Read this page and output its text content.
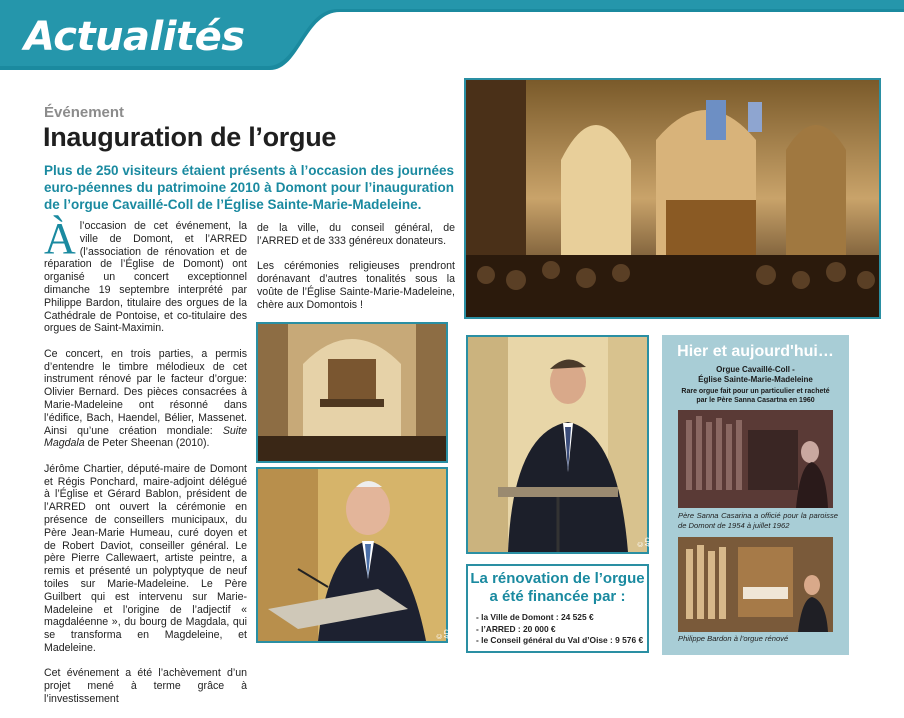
Actualités
Événement
Inauguration de l’orgue
Plus de 250 visiteurs étaient présents à l’occasion des journées euro-péennes du patrimoine 2010 à Domont pour l’inauguration de l’orgue Cavaillé-Coll de l’Église Sainte-Marie-Madeleine.

Àl’occasion de cet événement, la ville de Domont, et l’ARRED (l’association de rénovation et de réparation de l’Église de Domont) ont organisé un concert exceptionnel dimanche 19 septembre interprété par Philippe Bardon, titulaire des orgues de la Cathédrale de Pontoise, et co-titulaire des orgues de Saint-Maximin.

Ce concert, en trois parties, a permis d’entendre le timbre mélodieux de cet instrument rénové par le facteur d’orgue: Olivier Bernard. Des pièces consacrées à Marie-Madeleine ont résonné dans l’édifice, Bach, Haendel, Bélier, Massenet. Ainsi qu’une création mondiale: Suite Magdala de Peter Sheenan (2010).

Jérôme Chartier, député-maire de Domont et Régis Ponchard, maire-adjoint délégué à l’Église et Gérard Bablon, président de l’ARRED ont ouvert la cérémonie en présence de conseillers municipaux, du Père Jean-Marie Humeau, curé doyen et de Robert Daviot, conseiller général. Le père Pierre Callewaert, artiste peintre, a remis et présenté un polyptyque de neuf toiles sur Marie-Madeleine. Le Père Guilbert qui est intervenu sur Marie-Madeleine et l’origine de l’adjectif « magdaléenne », du bourg de Magdala, qui se transforma en Magdeleine, et Madeleine.

Cet événement a été l’achèvement d’un projet mené à terme grâce à l’investissement

de la ville, du conseil général, de l’ARRED et de 333 généreux donateurs.

Les cérémonies religieuses prendront dorénavant d’autres tonalités sous la voûte de l’Église Sainte-Marie-Madeleine, chère aux Domontois !

© AD
© AD
La rénovation de l’orgue
a été financée par :
- la Ville de Domont : 24 525 €
- l’ARRED : 20 000 €
- le Conseil général du Val d’Oise : 9 576 €
Hier et aujourd'hui…
Orgue Cavaillé-Coll -
Église Sainte-Marie-Madeleine
Rare orgue fait pour un particulier et racheté
par le Père Sanna Casartna en 1960
Père Sanna Casarina a officié pour la paroisse de Domont de 1954 à juillet 1962
Philippe Bardon à l’orgue rénové
